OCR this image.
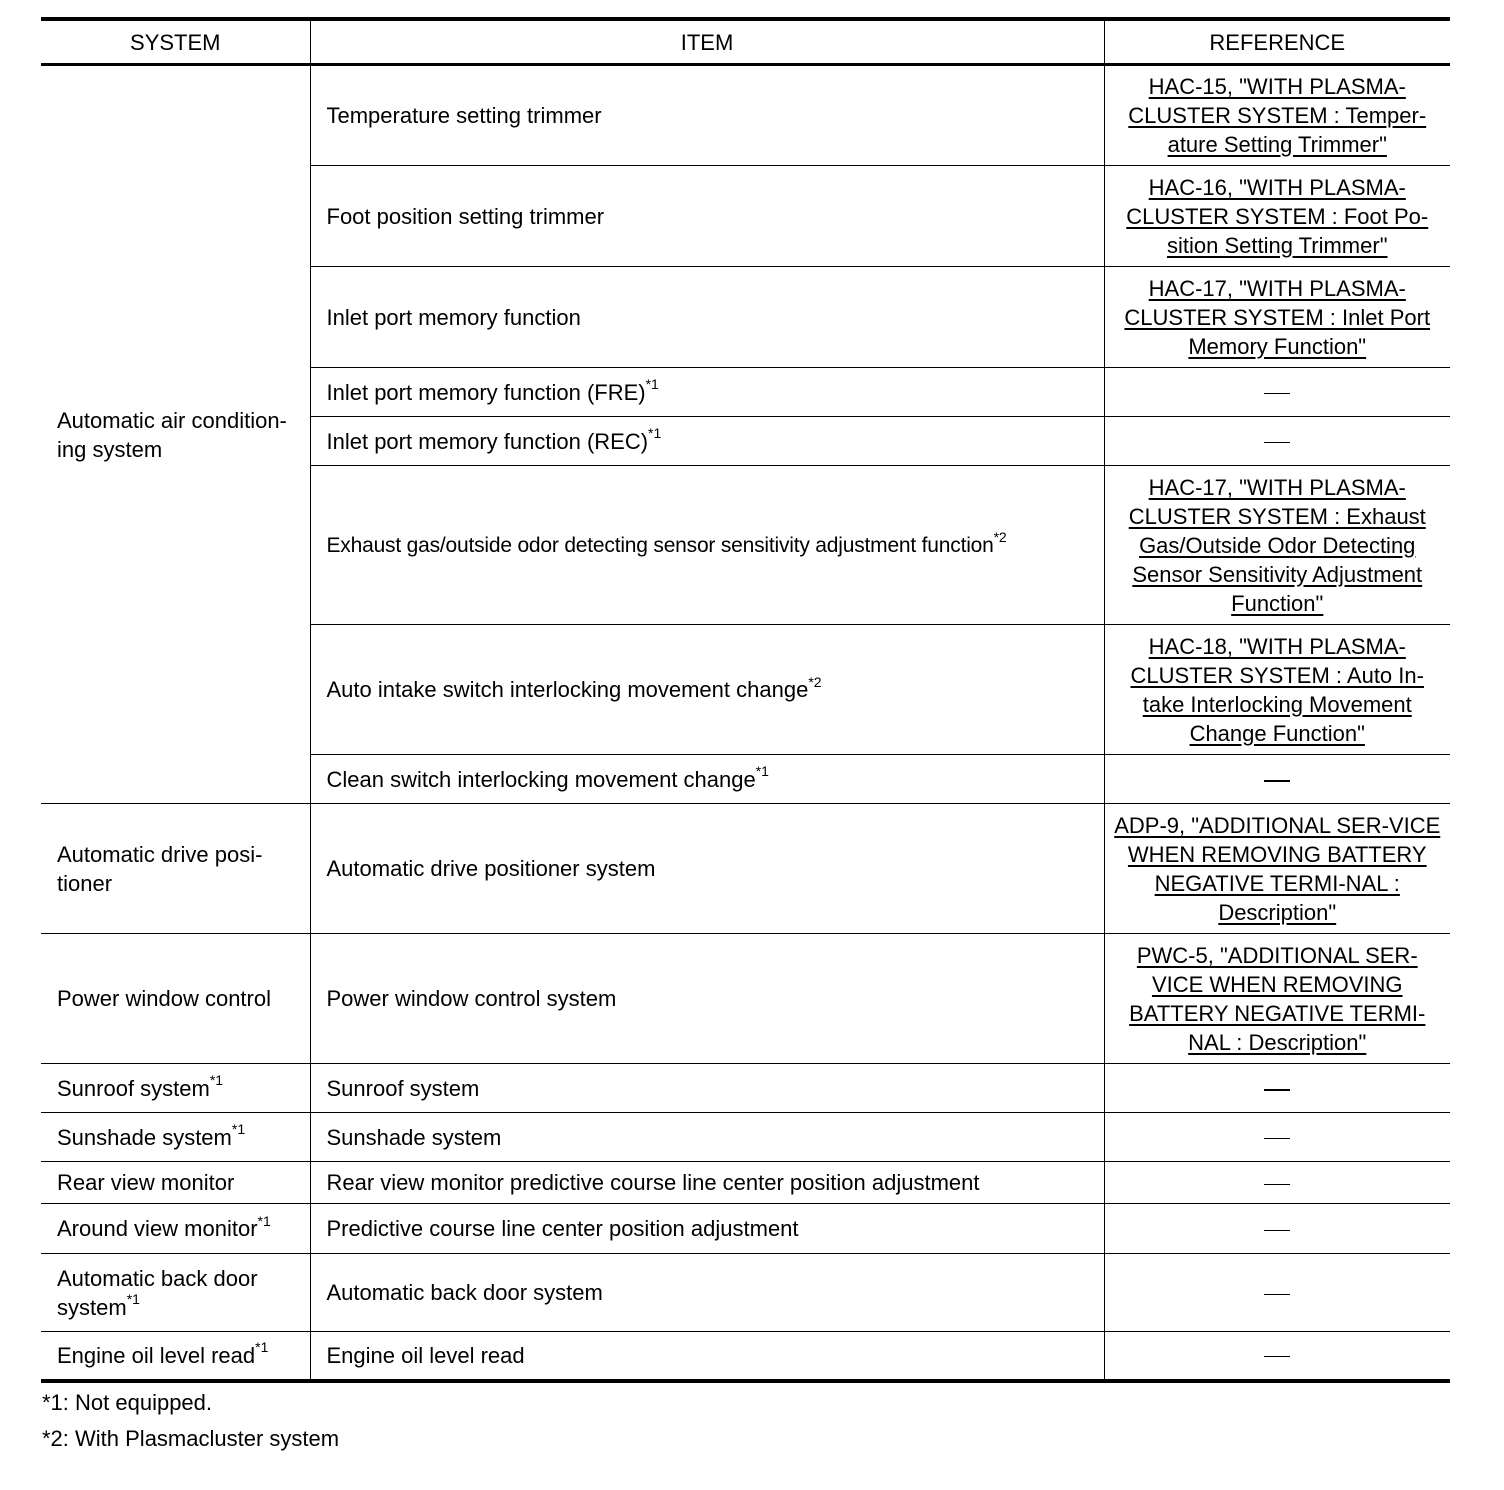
SYSTEM	ITEM	REFERENCE

Automatic air condition-ing system	Temperature setting trimmer	HAC-15, "WITH PLASMA-CLUSTER SYSTEM : Temper-ature Setting Trimmer"
	Foot position setting trimmer	HAC-16, "WITH PLASMA-CLUSTER SYSTEM : Foot Po-sition Setting Trimmer"
	Inlet port memory function	HAC-17, "WITH PLASMA-CLUSTER SYSTEM : Inlet Port Memory Function"
	Inlet port memory function (FRE)$^{*1}$	
	Inlet port memory function (REC)$^{*1}$	
	Exhaust gas/outside odor detecting sensor sensitivity adjustment function$^{*2}$	HAC-17, "WITH PLASMA-CLUSTER SYSTEM : Exhaust Gas/Outside Odor Detecting Sensor Sensitivity Adjustment Function"
	Auto intake switch interlocking movement change$^{*2}$	HAC-18, "WITH PLASMA-CLUSTER SYSTEM : Auto In-take Interlocking Movement Change Function"
	Clean switch interlocking movement change$^{*1}$	

Automatic drive posi-tioner	Automatic drive positioner system	ADP-9, "ADDITIONAL SER-VICE WHEN REMOVING BATTERY NEGATIVE TERMI-NAL : Description"
Power window control	Power window control system	PWC-5, "ADDITIONAL SER-VICE WHEN REMOVING BATTERY NEGATIVE TERMI-NAL : Description"
Sunroof system$^{*1}$	Sunroof system	
Sunshade system$^{*1}$	Sunshade system	
Rear view monitor	Rear view monitor predictive course line center position adjustment	
Around view monitor$^{*1}$	Predictive course line center position adjustment	

Automatic back door system$^{*1}$	Automatic back door system	
Engine oil level read$^{*1}$	Engine oil level read	
*1: Not equipped.
*2: With Plasmacluster system
